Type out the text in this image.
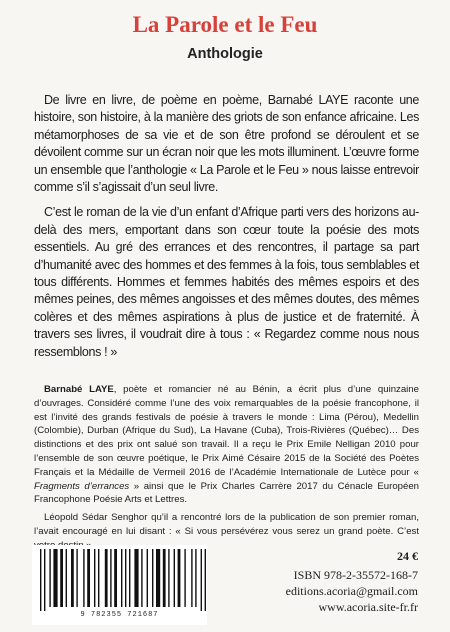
La Parole et le Feu
Anthologie

De livre en livre, de poème en poème, Barnabé LAYE raconte une histoire, son histoire, à la manière des griots de son enfance africaine. Les métamorphoses de sa vie et de son être profond se déroulent et se dévoilent comme sur un écran noir que les mots illuminent. L’œuvre forme un ensemble que l’anthologie « La Parole et le Feu » nous laisse entrevoir comme s’il s’agissait d’un seul livre.

C’est le roman de la vie d’un enfant d’Afrique parti vers des horizons au-delà des mers, emportant dans son cœur toute la poésie des mots essentiels. Au gré des errances et des rencontres, il partage sa part d’humanité avec des hommes et des femmes à la fois, tous semblables et tous différents. Hommes et femmes habités des mêmes espoirs et des mêmes peines, des mêmes angoisses et des mêmes doutes, des mêmes colères et des mêmes aspirations à plus de justice et de fraternité. À travers ses livres, il voudrait dire à tous : « Regardez comme nous nous ressemblons ! »

Barnabé LAYE, poète et romancier né au Bénin, a écrit plus d’une quinzaine d’ouvrages. Considéré comme l’une des voix remarquables de la poésie francophone, il est l’invité des grands festivals de poésie à travers le monde : Lima (Pérou), Medellin (Colombie), Durban (Afrique du Sud), La Havane (Cuba), Trois-Rivières (Québec)… Des distinctions et des prix ont salué son travail. Il a reçu le Prix Emile Nelligan 2010 pour l’ensemble de son œuvre poétique, le Prix Aimé Césaire 2015 de la Société des Poètes Français et la Médaille de Vermeil 2016 de l’Académie Internationale de Lutèce pour « Fragments d’errances » ainsi que le Prix Charles Carrère 2017 du Cénacle Européen Francophone Poésie Arts et Lettres.

Léopold Sédar Senghor qu’il a rencontré lors de la publication de son premier roman, l’avait encouragé en lui disant : « Si vous persévérez vous serez un grand poète. C’est

9 782355 721687
24 €
ISBN 978-2-35572-168-7
editions.acoria@gmail.com
www.acoria.site-fr.fr
